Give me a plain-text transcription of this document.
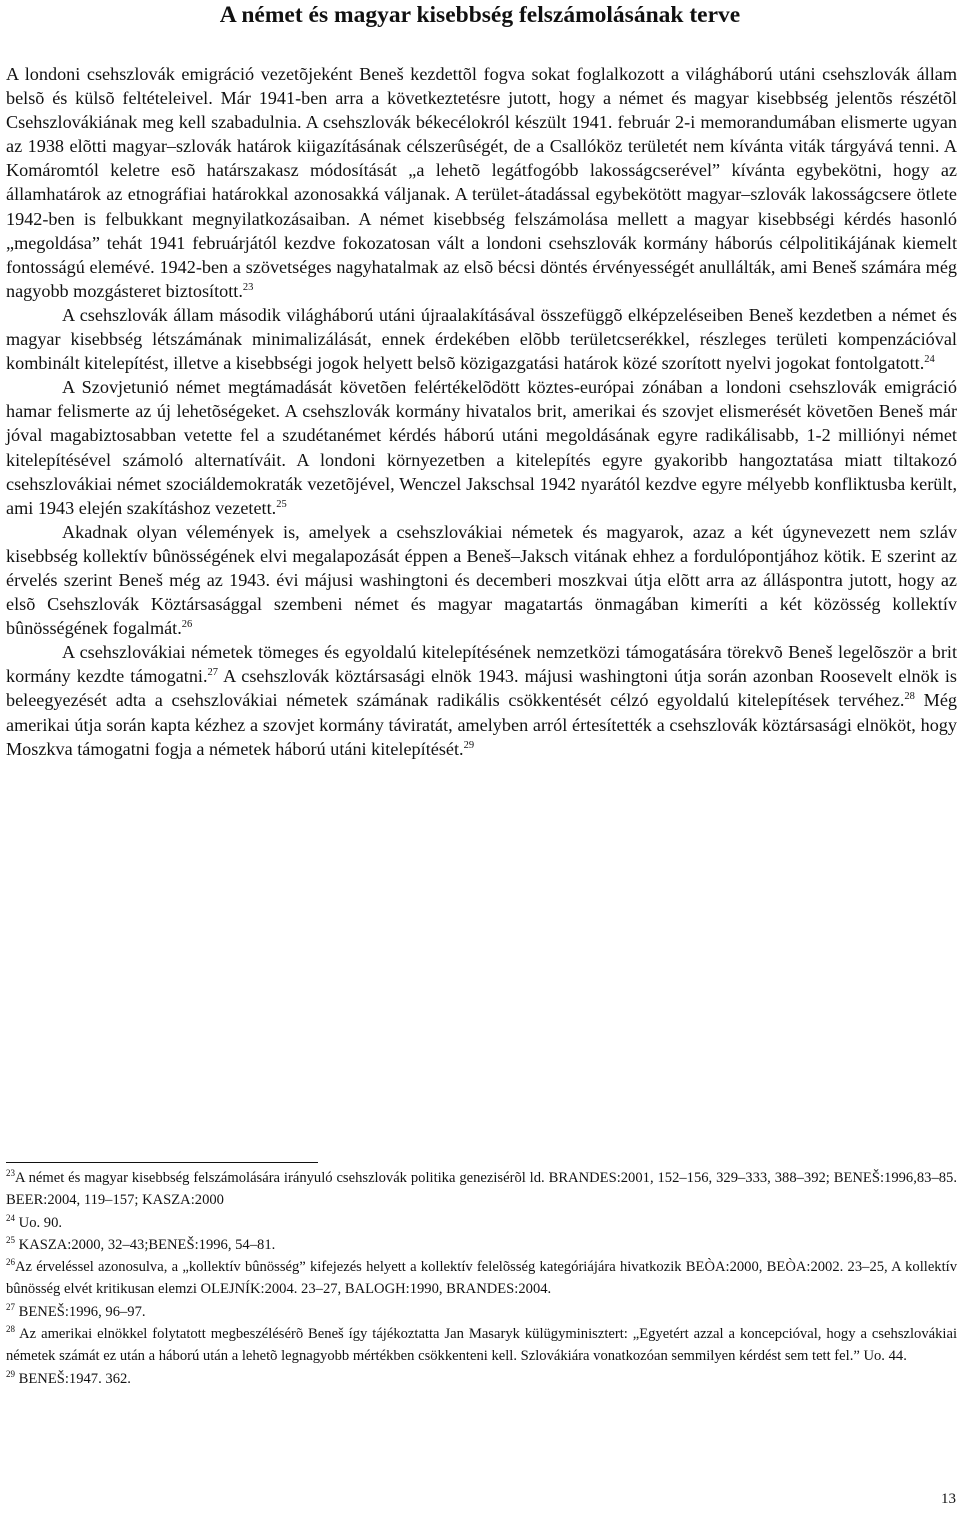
A német és magyar kisebbség felszámolásának terve

A londoni csehszlovák emigráció vezetõjeként Beneš kezdettõl fogva sokat foglalkozott a világháború utáni csehszlovák állam belsõ és külsõ feltételeivel. Már 1941-ben arra a következtetésre jutott, hogy a német és magyar kisebbség jelentõs részétõl Csehszlovákiának meg kell szabadulnia. A csehszlovák békecélokról készült 1941. február 2-i memorandumában elismerte ugyan az 1938 elõtti magyar–szlovák határok kiigazításának célszerûségét, de a Csallóköz területét nem kívánta viták tárgyává tenni. A Komáromtól keletre esõ határszakasz módosítását „a lehetõ legátfogóbb lakosságcserével” kívánta egybekötni, hogy az államhatárok az etnográfiai határokkal azonosakká váljanak. A terület-átadással egybekötött magyar–szlovák lakosságcsere ötlete 1942-ben is felbukkant megnyilatkozásaiban. A német kisebbség felszámolása mellett a magyar kisebbségi kérdés hasonló „megoldása” tehát 1941 februárjától kezdve fokozatosan vált a londoni csehszlovák kormány háborús célpolitikájának kiemelt fontosságú elemévé. 1942-ben a szövetséges nagyhatalmak az elsõ bécsi döntés érvényességét anullálták, ami Beneš számára még nagyobb mozgásteret biztosított.$^{23}$

A csehszlovák állam második világháború utáni újraalakításával összefüggõ elképzeléseiben Beneš kezdetben a német és magyar kisebbség létszámának minimalizálását, ennek érdekében elõbb területcserékkel, részleges területi kompenzációval kombinált kitelepítést, illetve a kisebbségi jogok helyett belsõ közigazgatási határok közé szorított nyelvi jogokat fontolgatott.$^{24}$

A Szovjetunió német megtámadását követõen felértékelõdött köztes-európai zónában a londoni csehszlovák emigráció hamar felismerte az új lehetõségeket. A csehszlovák kormány hivatalos brit, amerikai és szovjet elismerését követõen Beneš már jóval magabiztosabban vetette fel a szudétanémet kérdés háború utáni megoldásának egyre radikálisabb, 1-2 milliónyi német kitelepítésével számoló alternatíváit. A londoni környezetben a kitelepítés egyre gyakoribb hangoztatása miatt tiltakozó csehszlovákiai német szociáldemokraták vezetõjével, Wenczel Jakschsal 1942 nyarától kezdve egyre mélyebb konfliktusba került, ami 1943 elején szakításhoz vezetett.$^{25}$

Akadnak olyan vélemények is, amelyek a csehszlovákiai németek és magyarok, azaz a két úgynevezett nem szláv kisebbség kollektív bûnösségének elvi megalapozását éppen a Beneš–Jaksch vitának ehhez a fordulópontjához kötik. E szerint az érvelés szerint Beneš még az 1943. évi májusi washingtoni és decemberi moszkvai útja elõtt arra az álláspontra jutott, hogy az elsõ Csehszlovák Köztársasággal szembeni német és magyar magatartás önmagában kimeríti a két közösség kollektív bûnösségének fogalmát.$^{26}$

A csehszlovákiai németek tömeges és egyoldalú kitelepítésének nemzetközi támogatására törekvõ Beneš legelõször a brit kormány kezdte támogatni.$^{27}$ A csehszlovák köztársasági elnök 1943. májusi washingtoni útja során azonban Roosevelt elnök is beleegyezését adta a csehszlovákiai németek számának radikális csökkentését célzó egyoldalú kitelepítések tervéhez.$^{28}$ Még amerikai útja során kapta kézhez a szovjet kormány táviratát, amelyben arról értesítették a csehszlovák köztársasági elnököt, hogy Moszkva támogatni fogja a németek háború utáni kitelepítését.$^{29}$

$^{23}$A német és magyar kisebbség felszámolására irányuló csehszlovák politika genezisérõl ld. BRANDES:2001, 152–156, 329–333, 388–392; BENEŠ:1996,83–85. BEER:2004, 119–157; KASZA:2000

$^{24}$ Uo. 90.

$^{25}$ KASZA:2000, 32–43;BENEŠ:1996, 54–81.

$^{26}$Az érveléssel azonosulva, a „kollektív bûnösség” kifejezés helyett a kollektív felelõsség kategóriájára hivatkozik BEÒA:2000, BEÒA:2002. 23–25, A kollektív bûnösség elvét kritikusan elemzi OLEJNÍK:2004. 23–27, BALOGH:1990, BRANDES:2004.

$^{27}$ BENEŠ:1996, 96–97.

$^{28}$ Az amerikai elnökkel folytatott megbeszélésérõ Beneš így tájékoztatta Jan Masaryk külügyminisztert: „Egyetért azzal a koncepcióval, hogy a csehszlovákiai németek számát ez után a háború után a lehetõ legnagyobb mértékben csökkenteni kell. Szlovákiára vonatkozóan semmilyen kérdést sem tett fel.” Uo. 44.

$^{29}$ BENEŠ:1947. 362.

13
